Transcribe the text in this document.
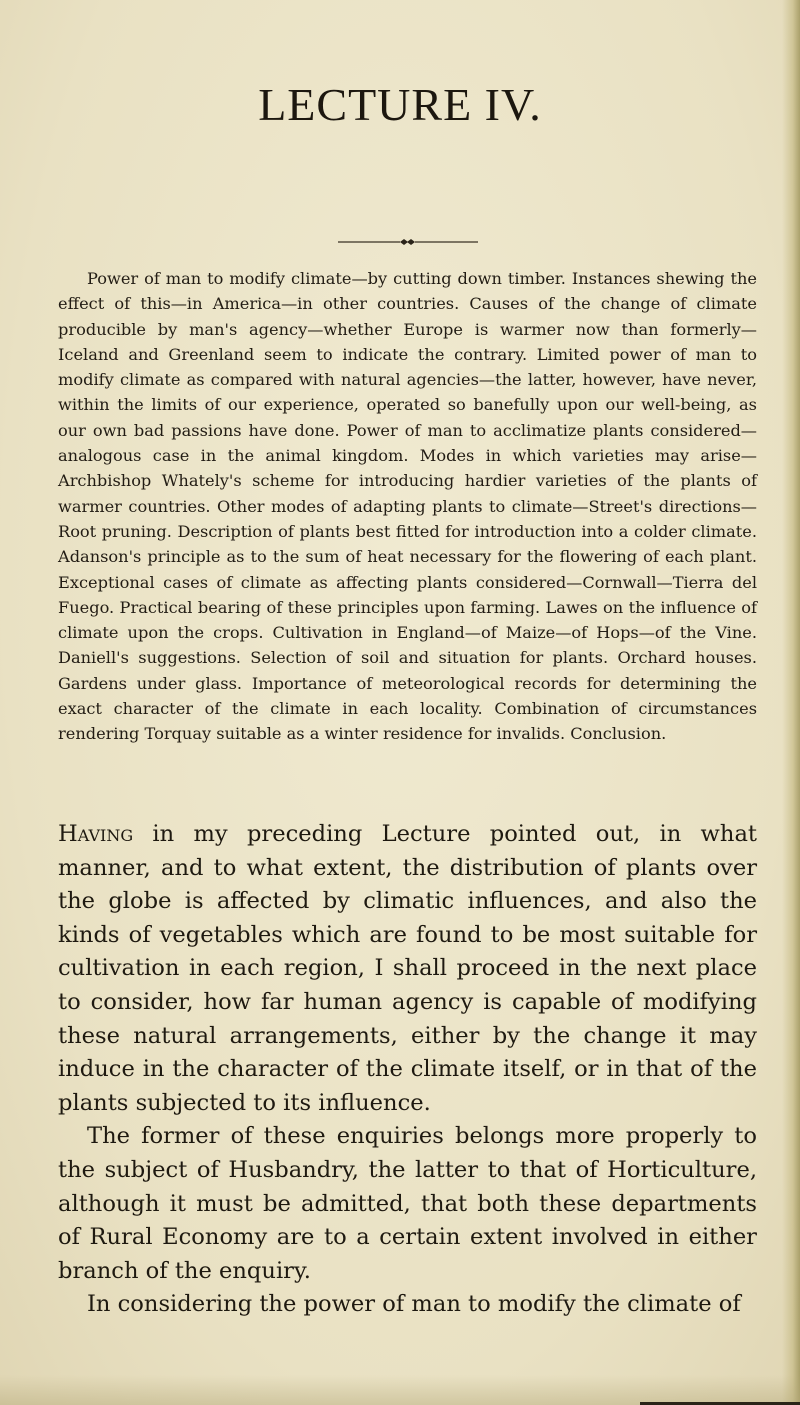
LECTURE IV.
Power of man to modify climate—by cutting down timber. Instances shewing the effect of this—in America—in other countries. Causes of the change of climate producible by man's agency—whether Europe is warmer now than formerly—Iceland and Greenland seem to indicate the contrary. Limited power of man to modify climate as compared with natural agencies—the latter, however, have never, within the limits of our experience, operated so banefully upon our well-being, as our own bad passions have done. Power of man to acclimatize plants considered—analogous case in the animal kingdom. Modes in which varieties may arise—Archbishop Whately's scheme for introducing hardier varieties of the plants of warmer countries. Other modes of adapting plants to climate—Street's directions—Root pruning. Description of plants best fitted for introduction into a colder climate. Adanson's principle as to the sum of heat necessary for the flowering of each plant. Exceptional cases of climate as affecting plants considered—Cornwall—Tierra del Fuego. Practical bearing of these principles upon farming. Lawes on the influence of climate upon the crops. Cultivation in England—of Maize—of Hops—of the Vine. Daniell's suggestions. Selection of soil and situation for plants. Orchard houses. Gardens under glass. Importance of meteorological records for determining the exact character of the climate in each locality. Combination of circumstances rendering Torquay suitable as a winter residence for invalids. Conclusion.

Having in my preceding Lecture pointed out, in what manner, and to what extent, the distribution of plants over the globe is affected by climatic influences, and also the kinds of vegetables which are found to be most suitable for cultivation in each region, I shall proceed in the next place to consider, how far human agency is capable of modifying these natural arrangements, either by the change it may induce in the character of the climate itself, or in that of the plants subjected to its influence.

The former of these enquiries belongs more properly to the subject of Husbandry, the latter to that of Horticulture, although it must be admitted, that both these departments of Rural Economy are to a certain extent involved in either branch of the enquiry.

In considering the power of man to modify the climate of
